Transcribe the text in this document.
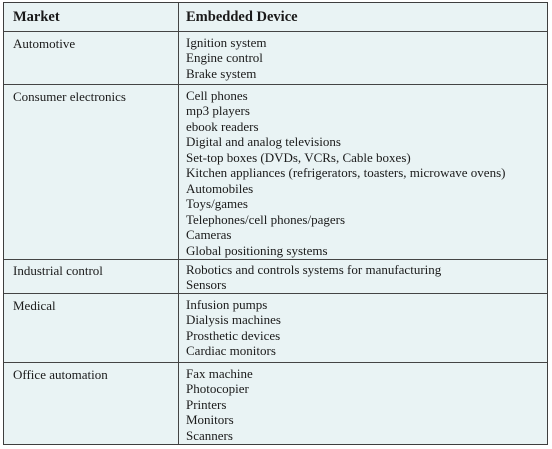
Market	Embedded Device
Automotive	Ignition system
Engine control
Brake system
Consumer electronics	Cell phones
mp3 players
ebook readers
Digital and analog televisions
Set-top boxes (DVDs, VCRs, Cable boxes)
Kitchen appliances (refrigerators, toasters, microwave ovens)
Automobiles
Toys/games
Telephones/cell phones/pagers
Cameras
Global positioning systems
Industrial control	Robotics and controls systems for manufacturing
Sensors
Medical	Infusion pumps
Dialysis machines
Prosthetic devices
Cardiac monitors
Office automation	Fax machine
Photocopier
Printers
Monitors
Scanners
